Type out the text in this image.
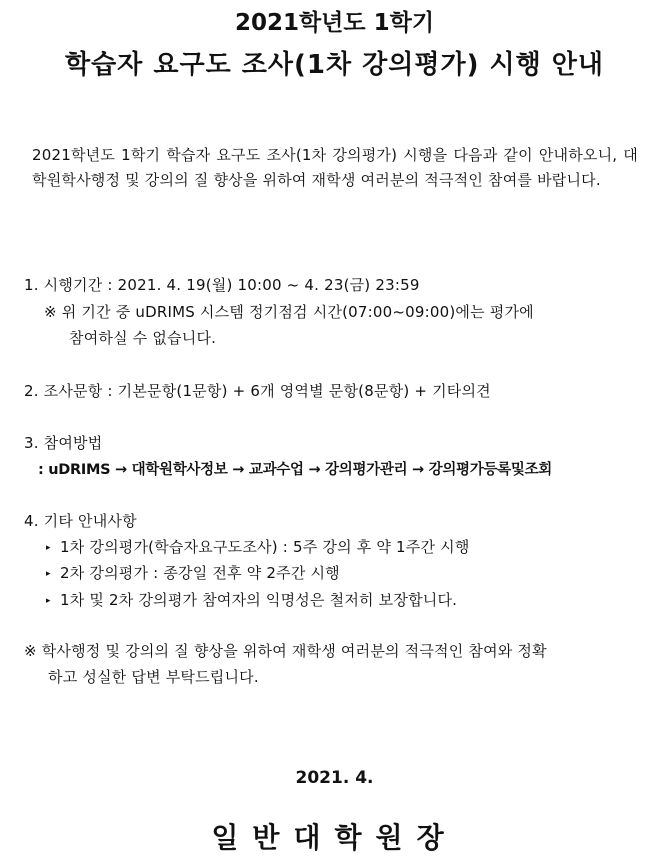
2021학년도 1학기
학습자 요구도 조사(1차 강의평가) 시행 안내
2021학년도 1학기 학습자 요구도 조사(1차 강의평가) 시행을 다음과 같이 안내하오니, 대학원학사행정 및 강의의 질 향상을 위하여 재학생 여러분의 적극적인 참여를 바랍니다.
1. 시행기간 : 2021. 4. 19(월) 10:00 ~ 4. 23(금) 23:59
※ 위 기간 중 uDRIMS 시스템 정기점검 시간(07:00~09:00)에는 평가에
참여하실 수 없습니다.
2. 조사문항 : 기본문항(1문항) + 6개 영역별 문항(8문항) + 기타의견
3. 참여방법
: uDRIMS → 대학원학사정보 → 교과수업 → 강의평가관리 → 강의평가등록및조회
4. 기타 안내사항
▸ 1차 강의평가(학습자요구도조사) : 5주 강의 후 약 1주간 시행
▸ 2차 강의평가 : 종강일 전후 약 2주간 시행
▸ 1차 및 2차 강의평가 참여자의 익명성은 철저히 보장합니다.
※ 학사행정 및 강의의 질 향상을 위하여 재학생 여러분의 적극적인 참여와 정확
하고 성실한 답변 부탁드립니다.
2021. 4.
일반대학원장
